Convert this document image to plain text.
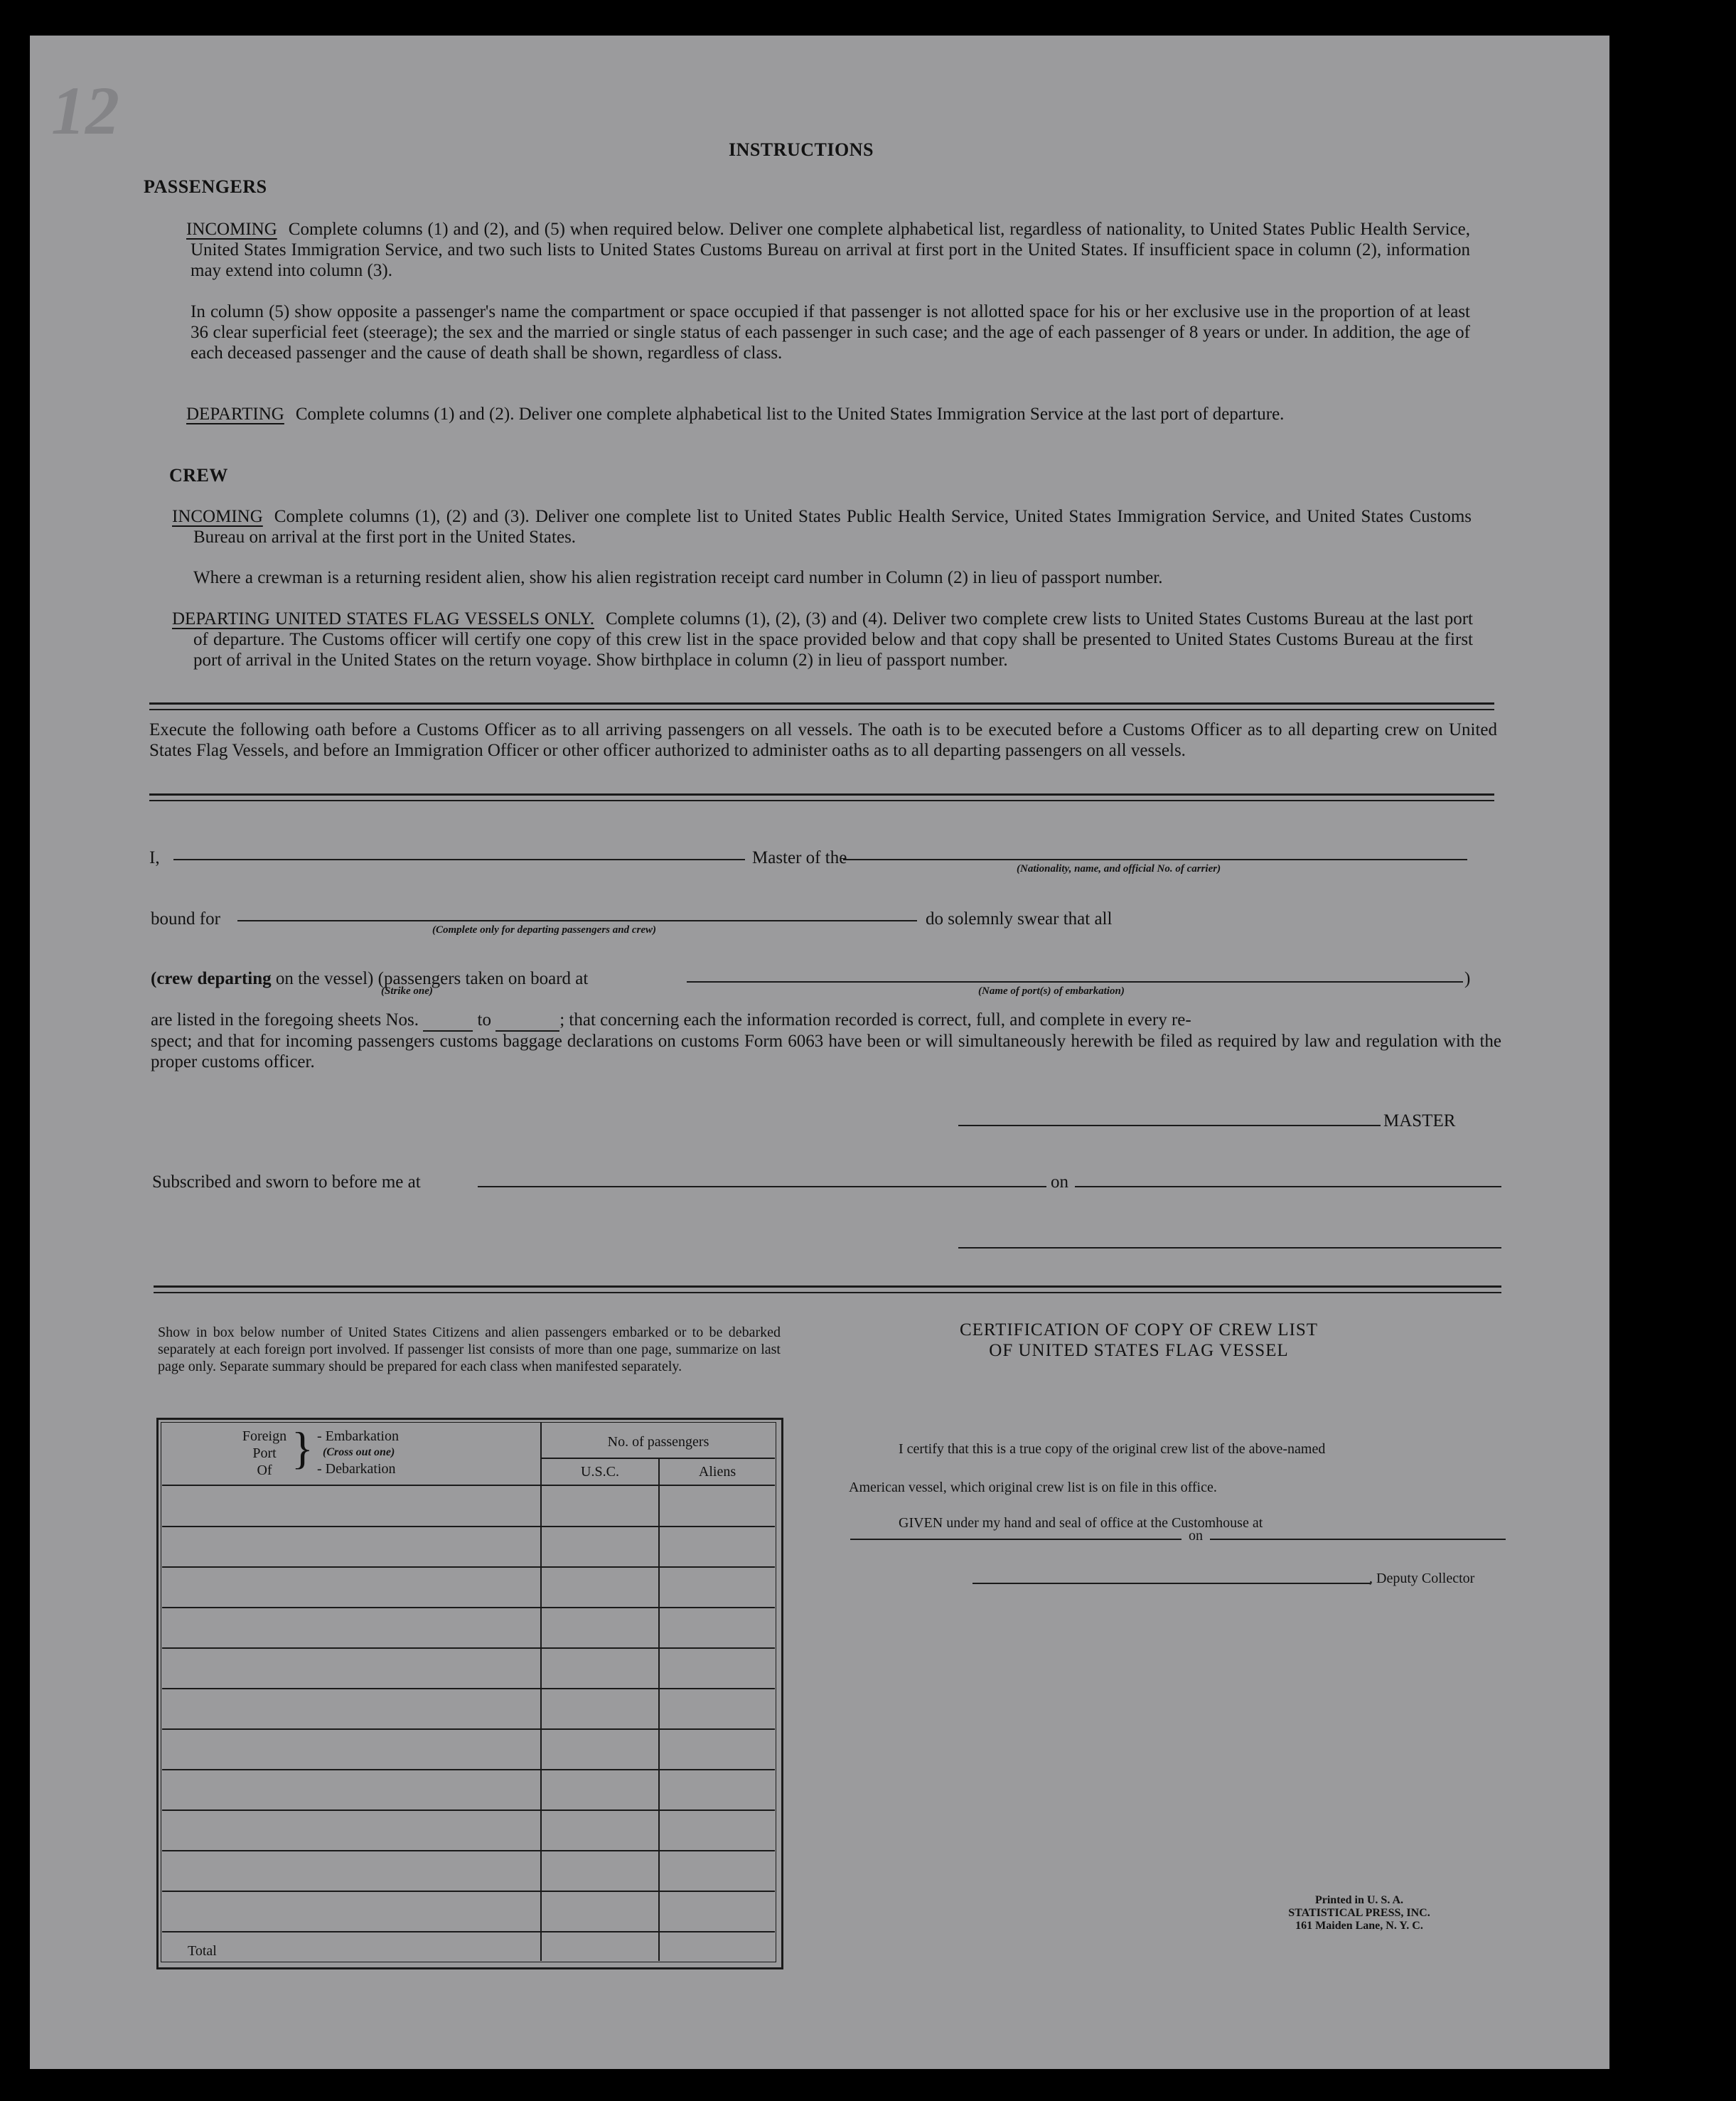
12
INSTRUCTIONS
PASSENGERS
INCOMING Complete columns (1) and (2), and (5) when required below. Deliver one complete alphabetical list, regardless of nationality, to United States Public Health Service, United States Immigration Service, and two such lists to United States Customs Bureau on arrival at first port in the United States. If insufficient space in column (2), information may extend into column (3).
In column (5) show opposite a passenger's name the compartment or space occupied if that passenger is not allotted space for his or her exclusive use in the proportion of at least 36 clear superficial feet (steerage); the sex and the married or single status of each passenger in such case; and the age of each passenger of 8 years or under. In addition, the age of each deceased passenger and the cause of death shall be shown, regardless of class.
DEPARTING Complete columns (1) and (2). Deliver one complete alphabetical list to the United States Immigration Service at the last port of departure.
CREW
INCOMING Complete columns (1), (2) and (3). Deliver one complete list to United States Public Health Service, United States Immigration Service, and United States Customs Bureau on arrival at the first port in the United States.
Where a crewman is a returning resident alien, show his alien registration receipt card number in Column (2) in lieu of passport number.
DEPARTING UNITED STATES FLAG VESSELS ONLY. Complete columns (1), (2), (3) and (4). Deliver two complete crew lists to United States Customs Bureau at the last port of departure. The Customs officer will certify one copy of this crew list in the space provided below and that copy shall be presented to United States Customs Bureau at the first port of arrival in the United States on the return voyage. Show birthplace in column (2) in lieu of passport number.
Execute the following oath before a Customs Officer as to all arriving passengers on all vessels. The oath is to be executed before a Customs Officer as to all departing crew on United States Flag Vessels, and before an Immigration Officer or other officer authorized to administer oaths as to all departing passengers on all vessels.
I,	Master of the
(Nationality, name, and official No. of carrier)
bound for
(Complete only for departing passengers and crew)
do solemnly swear that all
(crew departing on the vessel) (passengers taken on board at
(Strike one)
)
(Name of port(s) of embarkation)
are listed in the foregoing sheets Nos.	to	; that concerning each the information recorded is correct, full, and complete in every re-
spect; and that for incoming passengers customs baggage declarations on customs Form 6063 have been or will simultaneously herewith be filed as required by law and regulation with the proper customs officer.
MASTER
Subscribed and sworn to before me at	on
Show in box below number of United States Citizens and alien passengers embarked or to be debarked separately at each foreign port involved. If passenger list consists of more than one page, summarize on last page only. Separate summary should be prepared for each class when manifested separately.
Foreign
Port
Of } - Embarkation
(Cross out one)
- Debarkation
No. of passengers
U.S.C.	Aliens
Total
CERTIFICATION OF COPY OF CREW LIST
OF UNITED STATES FLAG VESSEL
I certify that this is a true copy of the original crew list of the above-named
American vessel, which original crew list is on file in this office.
GIVEN under my hand and seal of office at the Customhouse at
on
, Deputy Collector
Printed in U. S. A.
STATISTICAL PRESS, INC.
161 Maiden Lane, N. Y. C.
